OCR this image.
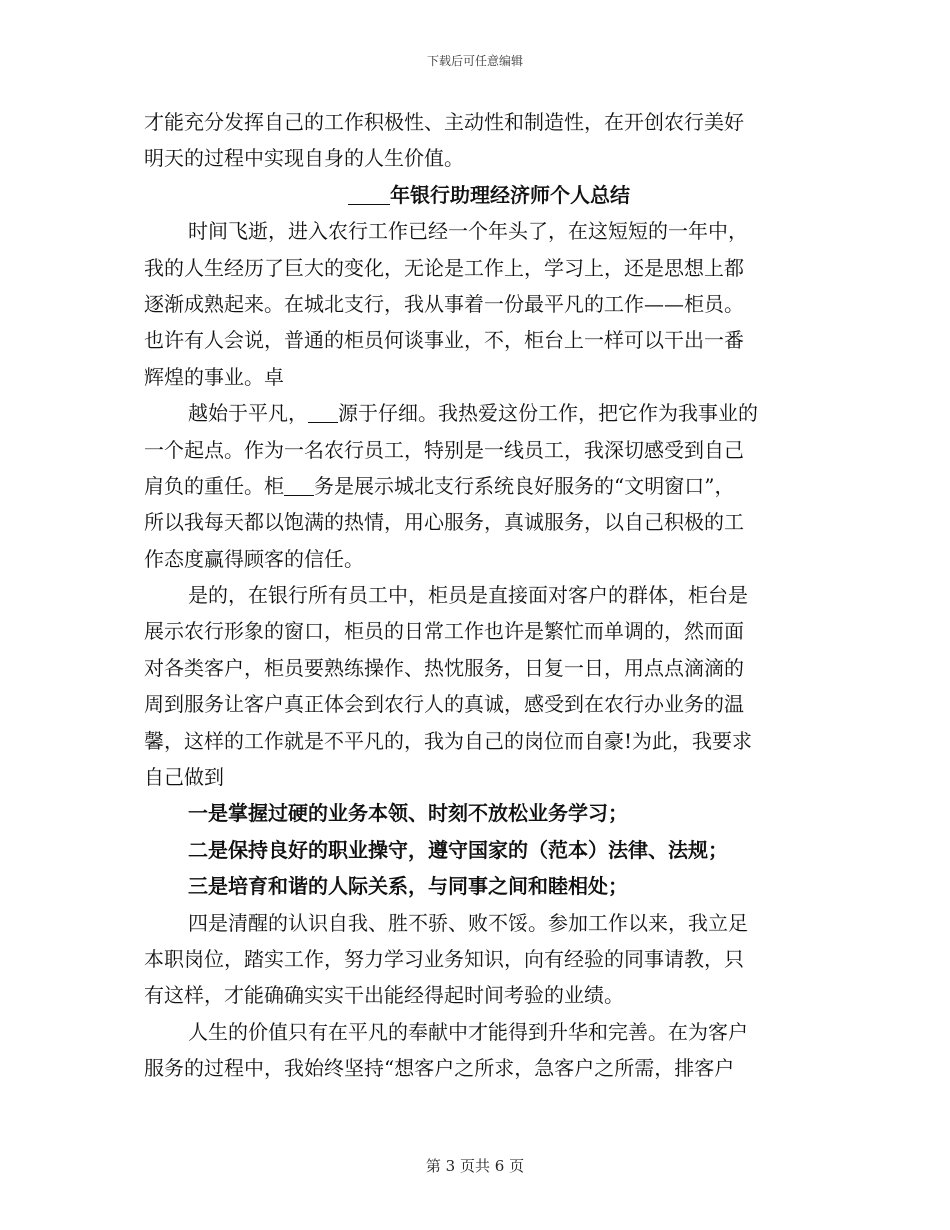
下载后可任意编辑
才能充分发挥自己的工作积极性、主动性和制造性，在开创农行美好
明天的过程中实现自身的人生价值。
年银行助理经济师个人总结
时间飞逝，进入农行工作已经一个年头了，在这短短的一年中，
我的人生经历了巨大的变化，无论是工作上，学习上，还是思想上都
逐渐成熟起来。在城北支行，我从事着一份最平凡的工作——柜员。
也许有人会说，普通的柜员何谈事业，不，柜台上一样可以干出一番
辉煌的事业。卓
越始于平凡， 源于仔细。我热爱这份工作，把它作为我事业的
一个起点。作为一名农行员工，特别是一线员工，我深切感受到自己
肩负的重任。柜 务是展示城北支行系统良好服务的“文明窗口”，
所以我每天都以饱满的热情，用心服务，真诚服务，以自己积极的工
作态度赢得顾客的信任。
是的，在银行所有员工中，柜员是直接面对客户的群体，柜台是
展示农行形象的窗口，柜员的日常工作也许是繁忙而单调的，然而面
对各类客户，柜员要熟练操作、热忱服务，日复一日，用点点滴滴的
周到服务让客户真正体会到农行人的真诚，感受到在农行办业务的温
馨，这样的工作就是不平凡的，我为自己的岗位而自豪!为此，我要求
自己做到
一是掌握过硬的业务本领、时刻不放松业务学习；
二是保持良好的职业操守，遵守国家的（范本）法律、法规；
三是培育和谐的人际关系，与同事之间和睦相处；
四是清醒的认识自我、胜不骄、败不馁。参加工作以来，我立足
本职岗位，踏实工作，努力学习业务知识，向有经验的同事请教，只
有这样，才能确确实实干出能经得起时间考验的业绩。
人生的价值只有在平凡的奉献中才能得到升华和完善。在为客户
服务的过程中，我始终坚持“想客户之所求，急客户之所需，排客户
第 3 页共 6 页
